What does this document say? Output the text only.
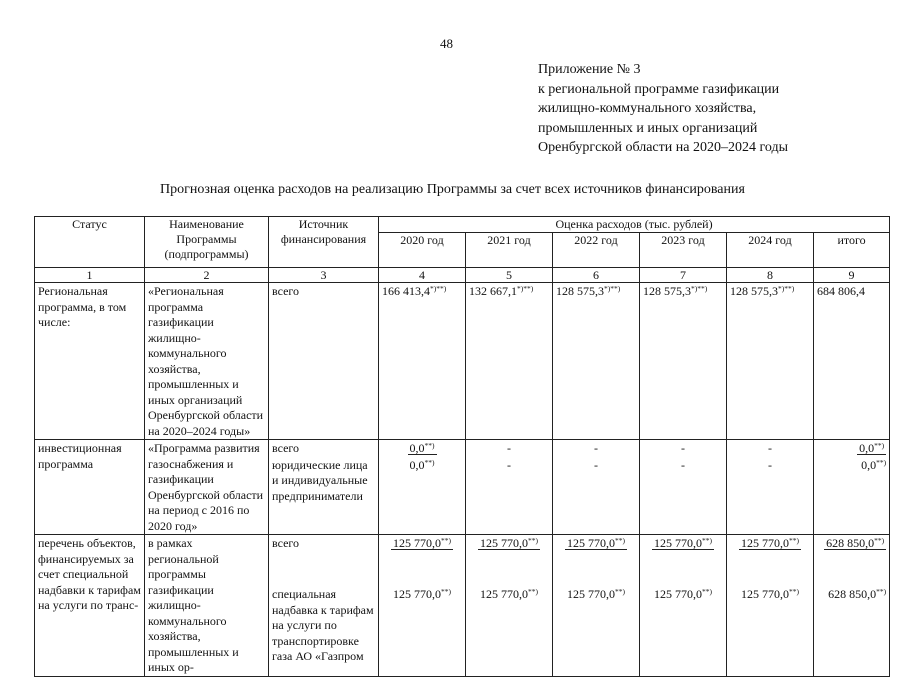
48
Приложение № 3
к региональной программе газификации
жилищно-коммунального хозяйства,
промышленных и иных организаций
Оренбургской области на 2020–2024 годы
Прогнозная оценка расходов на реализацию Программы за счет всех источников финансирования
Статус	Наименование Программы (подпрограммы)	Источник финансирования	Оценка расходов (тыс. рублей)					
			2020 год	2021 год	2022 год	2023 год	2024 год	итого
1	2	3	4	5	6	7	8	9
Региональная программа, в том числе:	«Региональная программа газификации жилищно-коммунального хозяйства, промышленных и иных организаций Оренбургской области на 2020–2024 годы»	всего	166 413,4*)**)	132 667,1*)**)	128 575,3*)**)	128 575,3*)**)	128 575,3*)**)	684 806,4
инвестиционная программа	«Программа развития газоснабжения и газификации Оренбургской области на период с 2016 по 2020 год»	всего	0,0**)	-	-	-	-	0,0**)
		юридические лица и индивидуальные предприниматели	0,0**)	-	-	-	-	0,0**)
перечень объектов, финансируемых за счет специальной надбавки к тарифам на услуги по транс-	в рамках региональной программы газификации жилищно-коммунального хозяйства, промышленных и иных ор-	всего	125 770,0**)	125 770,0**)	125 770,0**)	125 770,0**)	125 770,0**)	628 850,0**)
		специальная надбавка к тарифам на услуги по транспортировке газа АО «Газпром	125 770,0**)	125 770,0**)	125 770,0**)	125 770,0**)	125 770,0**)	628 850,0**)
